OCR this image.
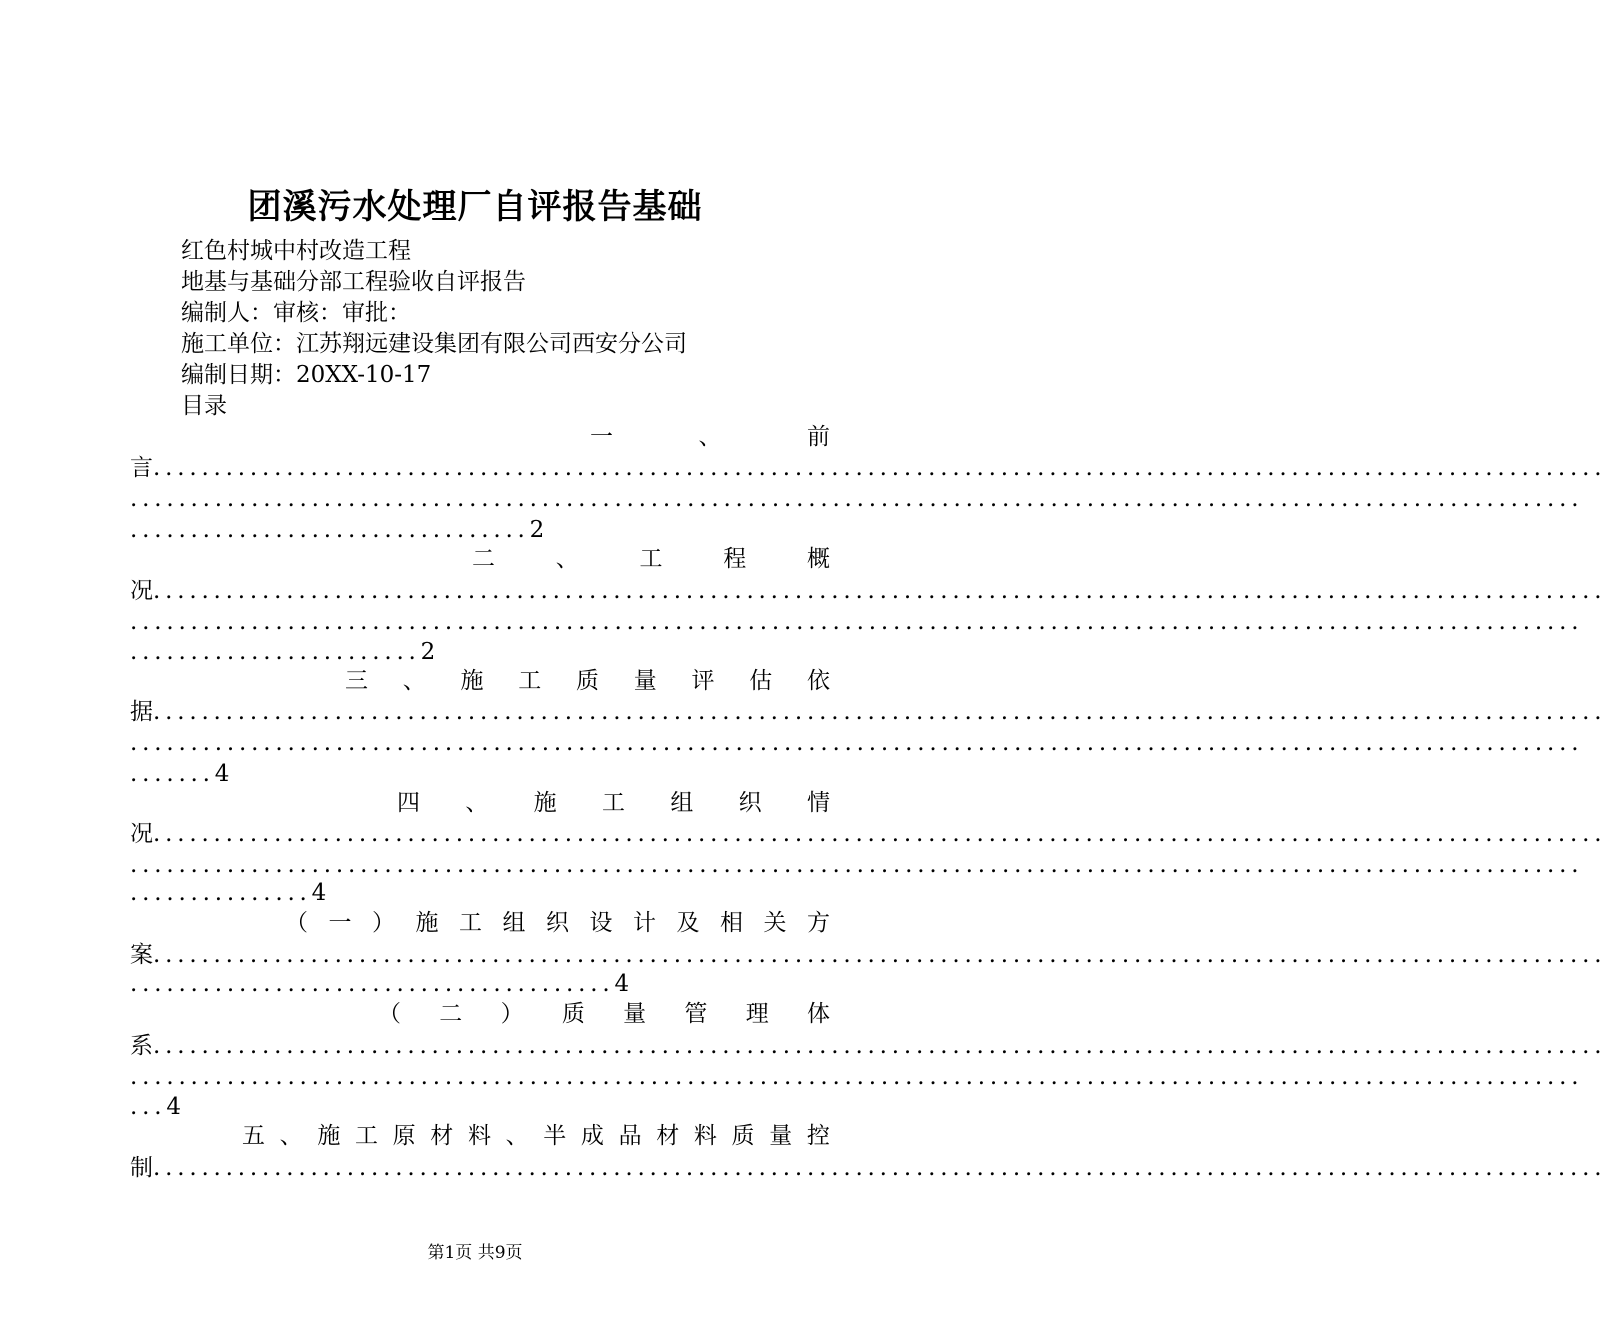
团溪污水处理厂自评报告基础
红色村城中村改造工程
地基与基础分部工程验收自评报告
编制人：审核：审批：
施工单位：江苏翔远建设集团有限公司西安分公司
编制日期：20XX-10-17
目录
一	、	前
言........................................................................................................................
........................................................................................................................
.................................2
二	、	工	程	概
况........................................................................................................................
........................................................................................................................
........................2
三 、 施 工 质 量 评 估 依
据........................................................................................................................
........................................................................................................................
.......4
四 、 施 工 组 织 情
况........................................................................................................................
........................................................................................................................
...............4
（ 一 ） 施 工 组 织 设 计 及 相 关 方
案........................................................................................................................
........................................4
（ 二 ） 质 量 管 理 体
系........................................................................................................................
........................................................................................................................
...4
五 、 施 工 原 材 料 、 半 成 品 材 料 质 量 控
制........................................................................................................................
第1页 共9页
